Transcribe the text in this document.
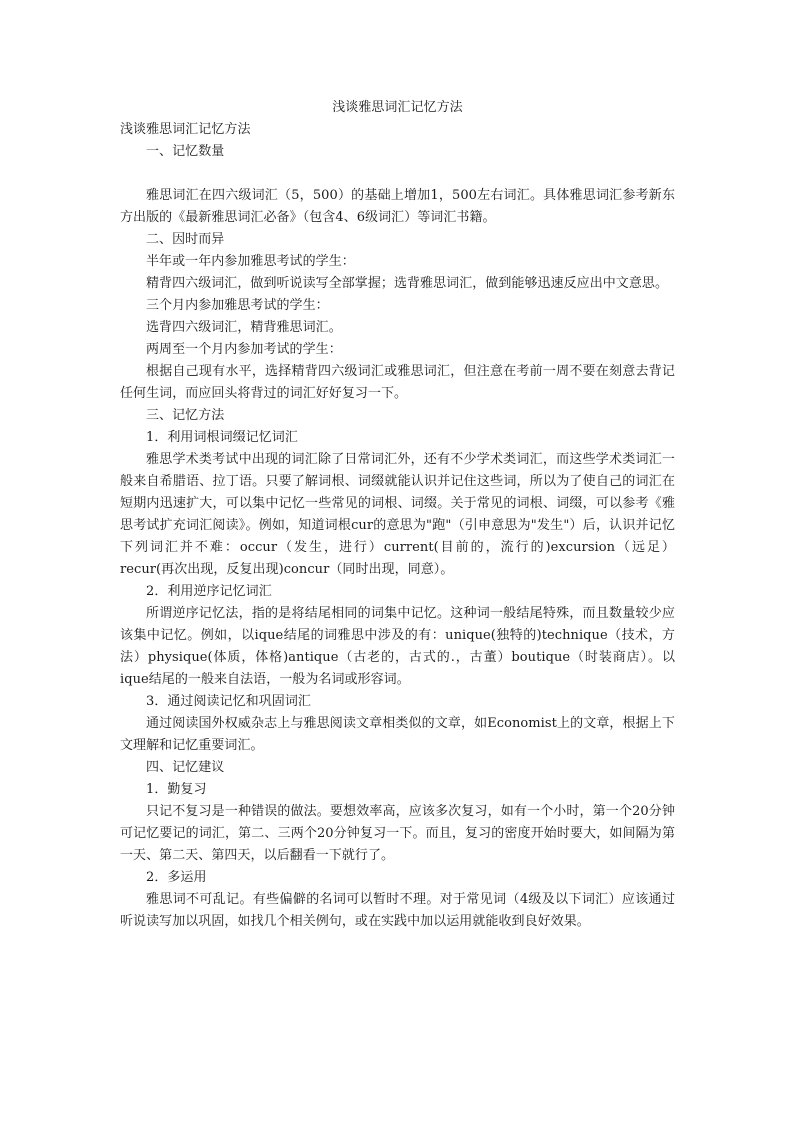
浅谈雅思词汇记忆方法
浅谈雅思词汇记忆方法
一、记忆数量
雅思词汇在四六级词汇（5，500）的基础上增加1，500左右词汇。具体雅思词汇参考新东方出版的《最新雅思词汇必备》（包含4、6级词汇）等词汇书籍。
二、因时而异
半年或一年内参加雅思考试的学生：
精背四六级词汇，做到听说读写全部掌握；选背雅思词汇，做到能够迅速反应出中文意思。
三个月内参加雅思考试的学生：
选背四六级词汇，精背雅思词汇。
两周至一个月内参加考试的学生：
根据自己现有水平，选择精背四六级词汇或雅思词汇，但注意在考前一周不要在刻意去背记任何生词，而应回头将背过的词汇好好复习一下。
三、记忆方法
1．利用词根词缀记忆词汇
雅思学术类考试中出现的词汇除了日常词汇外，还有不少学术类词汇，而这些学术类词汇一般来自希腊语、拉丁语。只要了解词根、词缀就能认识并记住这些词，所以为了使自己的词汇在短期内迅速扩大，可以集中记忆一些常见的词根、词缀。关于常见的词根、词缀，可以参考《雅思考试扩充词汇阅读》。例如，知道词根cur的意思为"跑"（引申意思为"发生"）后，认识并记忆下列词汇并不难：occur（发生，进行）current(目前的，流行的)excursion（远足）recur(再次出现，反复出现)concur（同时出现，同意）。
2．利用逆序记忆词汇
所谓逆序记忆法，指的是将结尾相同的词集中记忆。这种词一般结尾特殊，而且数量较少应该集中记忆。例如，以ique结尾的词雅思中涉及的有：unique(独特的)technique（技术，方法）physique(体质，体格)antique（古老的，古式的.，古董）boutique（时装商店）。以ique结尾的一般来自法语，一般为名词或形容词。
3．通过阅读记忆和巩固词汇
通过阅读国外权威杂志上与雅思阅读文章相类似的文章，如Economist上的文章，根据上下文理解和记忆重要词汇。
四、记忆建议
1．勤复习
只记不复习是一种错误的做法。要想效率高，应该多次复习，如有一个小时，第一个20分钟可记忆要记的词汇，第二、三两个20分钟复习一下。而且，复习的密度开始时要大，如间隔为第一天、第二天、第四天，以后翻看一下就行了。
2．多运用
雅思词不可乱记。有些偏僻的名词可以暂时不理。对于常见词（4级及以下词汇）应该通过听说读写加以巩固，如找几个相关例句，或在实践中加以运用就能收到良好效果。
